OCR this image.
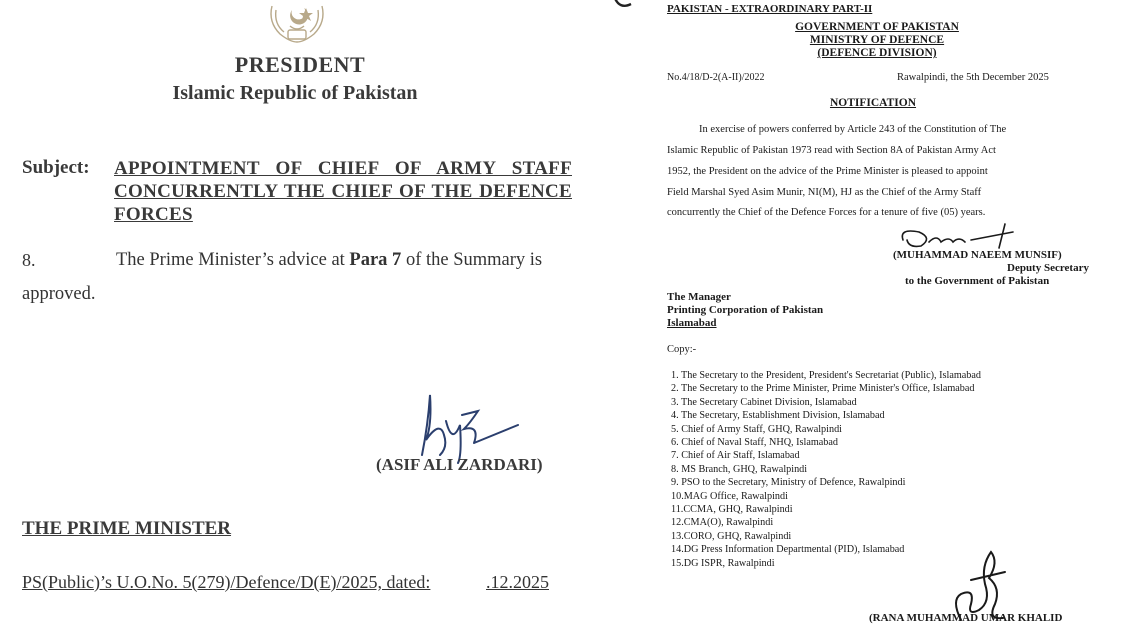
PRESIDENT
Islamic Republic of Pakistan
Subject: APPOINTMENT OF CHIEF OF ARMY STAFF CONCURRENTLY THE CHIEF OF THE DEFENCE FORCES
8.	The Prime Minister’s advice at Para 7 of the Summary is
approved.
(ASIF ALI ZARDARI)
THE PRIME MINISTER
PS(Public)’s U.O.No. 5(279)/Defence/D(E)/2025, dated:	.12.2025
PAKISTAN - EXTRAORDINARY PART-II
GOVERNMENT OF PAKISTAN
MINISTRY OF DEFENCE
(DEFENCE DIVISION)
No.4/18/D-2(A-II)/2022	Rawalpindi, the 5th December 2025
NOTIFICATION
In exercise of powers conferred by Article 243 of the Constitution of The
Islamic Republic of Pakistan 1973 read with Section 8A of Pakistan Army Act
1952, the President on the advice of the Prime Minister is pleased to appoint
Field Marshal Syed Asim Munir, NI(M), HJ as the Chief of the Army Staff
concurrently the Chief of the Defence Forces for a tenure of five (05) years.
(MUHAMMAD NAEEM MUNSIF)
Deputy Secretary
to the Government of Pakistan
The Manager
Printing Corporation of Pakistan
Islamabad
Copy:-
1. The Secretary to the President, President's Secretariat (Public), Islamabad
2. The Secretary to the Prime Minister, Prime Minister's Office, Islamabad
3. The Secretary Cabinet Division, Islamabad
4. The Secretary, Establishment Division, Islamabad
5. Chief of Army Staff, GHQ, Rawalpindi
6. Chief of Naval Staff, NHQ, Islamabad
7. Chief of Air Staff, Islamabad
8. MS Branch, GHQ, Rawalpindi
9. PSO to the Secretary, Ministry of Defence, Rawalpindi
10.MAG Office, Rawalpindi
11.CCMA, GHQ, Rawalpindi
12.CMA(O), Rawalpindi
13.CORO, GHQ, Rawalpindi
14.DG Press Information Departmental (PID), Islamabad
15.DG ISPR, Rawalpindi
(RANA MUHAMMAD UMAR KHALID
